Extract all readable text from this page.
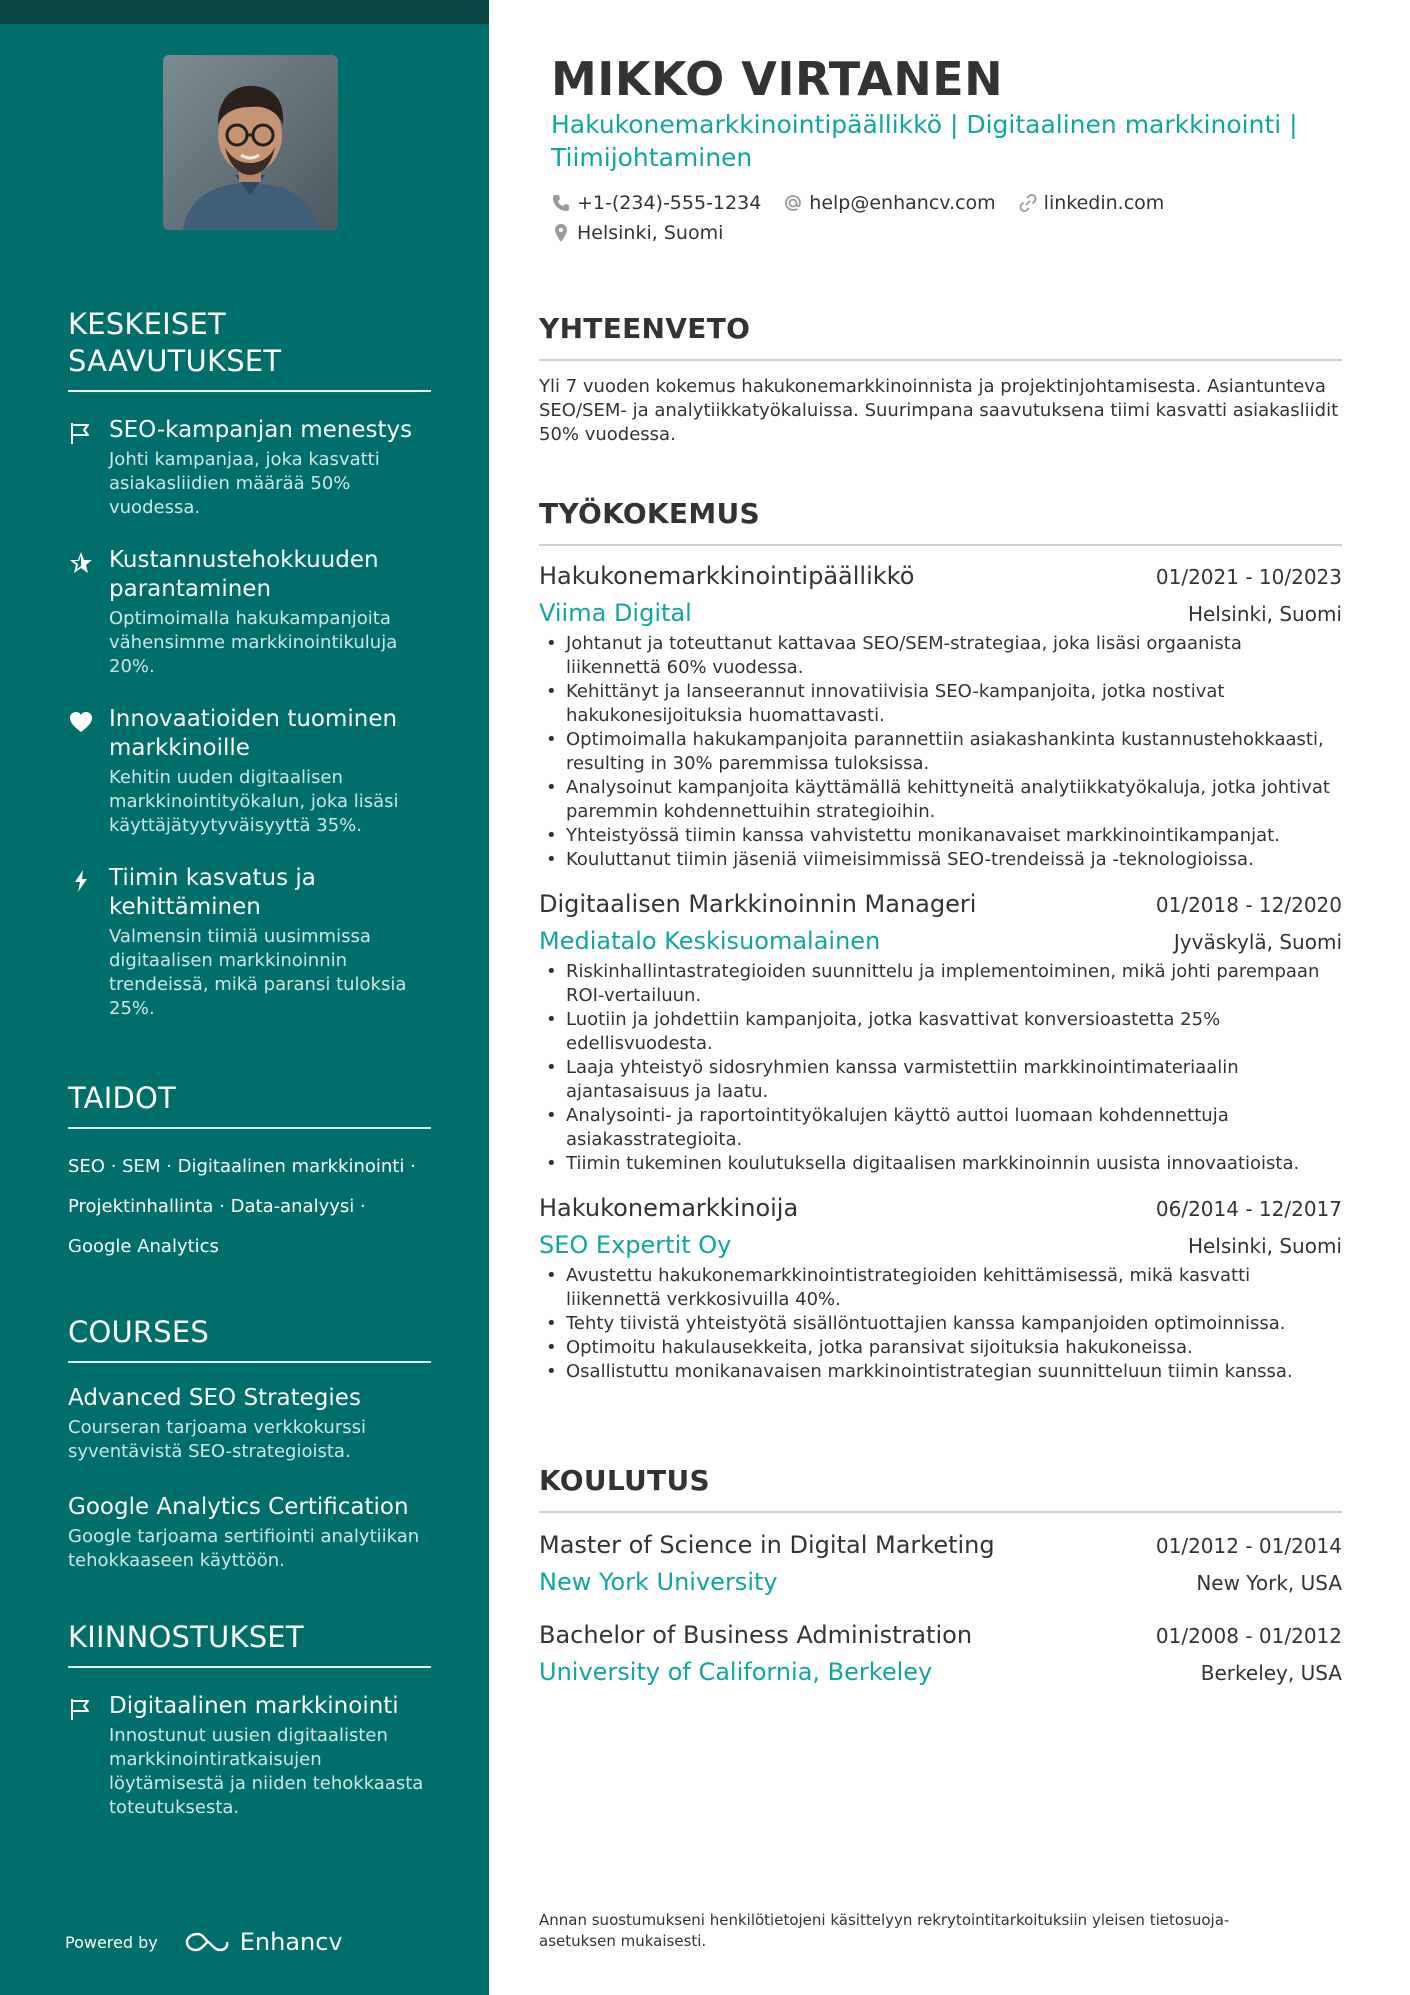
KESKEISET SAAVUTUKSET
SEO-kampanjan menestys
Johti kampanjaa, joka kasvatti asiakasliidien määrää 50% vuodessa.
Kustannustehokkuuden parantaminen
Optimoimalla hakukampanjoita vähensimme markkinointikuluja 20%.
Innovaatioiden tuominen markkinoille
Kehitin uuden digitaalisen markkinointityökalun, joka lisäsi käyttäjätyytyväisyyttä 35%.
Tiimin kasvatus ja kehittäminen
Valmensin tiimiä uusimmissa digitaalisen markkinoinnin trendeissä, mikä paransi tuloksia 25%.
TAIDOT
SEO · SEM · Digitaalinen markkinointi ·
Projektinhallinta · Data-analyysi ·
Google Analytics
COURSES
Advanced SEO Strategies
Courseran tarjoama verkkokurssi syventävistä SEO-strategioista.
Google Analytics Certification
Google tarjoama sertifiointi analytiikan tehokkaaseen käyttöön.
KIINNOSTUKSET
Digitaalinen markkinointi
Innostunut uusien digitaalisten markkinointiratkaisujen löytämisestä ja niiden tehokkaasta toteutuksesta.
Powered by	Enhancv
MIKKO VIRTANEN
Hakukonemarkkinointipäällikkö | Digitaalinen markkinointi | Tiimijohtaminen
+1-(234)-555-1234	help@enhancv.com	linkedin.com
Helsinki, Suomi
YHTEENVETO

Yli 7 vuoden kokemus hakukonemarkkinoinnista ja projektinjohtamisesta. Asiantunteva SEO/SEM- ja analytiikkatyökaluissa. Suurimpana saavutuksena tiimi kasvatti asiakasliidit 50% vuodessa.

TYÖKOKEMUS
Hakukonemarkkinointipäällikkö	01/2021 - 10/2023
Viima Digital	Helsinki, Suomi
• Johtanut ja toteuttanut kattavaa SEO/SEM-strategiaa, joka lisäsi orgaanista liikennettä 60% vuodessa.
• Kehittänyt ja lanseerannut innovatiivisia SEO-kampanjoita, jotka nostivat hakukonesijoituksia huomattavasti.
• Optimoimalla hakukampanjoita parannettiin asiakashankinta kustannustehokkaasti, resulting in 30% paremmissa tuloksissa.
• Analysoinut kampanjoita käyttämällä kehittyneitä analytiikkatyökaluja, jotka johtivat paremmin kohdennettuihin strategioihin.
• Yhteistyössä tiimin kanssa vahvistettu monikanavaiset markkinointikampanjat.
• Kouluttanut tiimin jäseniä viimeisimmissä SEO-trendeissä ja -teknologioissa.
Digitaalisen Markkinoinnin Manageri	01/2018 - 12/2020
Mediatalo Keskisuomalainen	Jyväskylä, Suomi
• Riskinhallintastrategioiden suunnittelu ja implementoiminen, mikä johti parempaan ROI-vertailuun.
• Luotiin ja johdettiin kampanjoita, jotka kasvattivat konversioastetta 25% edellisvuodesta.
• Laaja yhteistyö sidosryhmien kanssa varmistettiin markkinointimateriaalin ajantasaisuus ja laatu.
• Analysointi- ja raportointityökalujen käyttö auttoi luomaan kohdennettuja asiakasstrategioita.
• Tiimin tukeminen koulutuksella digitaalisen markkinoinnin uusista innovaatioista.
Hakukonemarkkinoija	06/2014 - 12/2017
SEO Expertit Oy	Helsinki, Suomi
• Avustettu hakukonemarkkinointistrategioiden kehittämisessä, mikä kasvatti liikennettä verkkosivuilla 40%.
• Tehty tiivistä yhteistyötä sisällöntuottajien kanssa kampanjoiden optimoinnissa.
• Optimoitu hakulausekkeita, jotka paransivat sijoituksia hakukoneissa.
• Osallistuttu monikanavaisen markkinointistrategian suunnitteluun tiimin kanssa.
KOULUTUS
Master of Science in Digital Marketing	01/2012 - 01/2014
New York University	New York, USA
Bachelor of Business Administration	01/2008 - 01/2012
University of California, Berkeley	Berkeley, USA
Annan suostumukseni henkilötietojeni käsittelyyn rekrytointitarkoituksiin yleisen tietosuoja-asetuksen mukaisesti.
